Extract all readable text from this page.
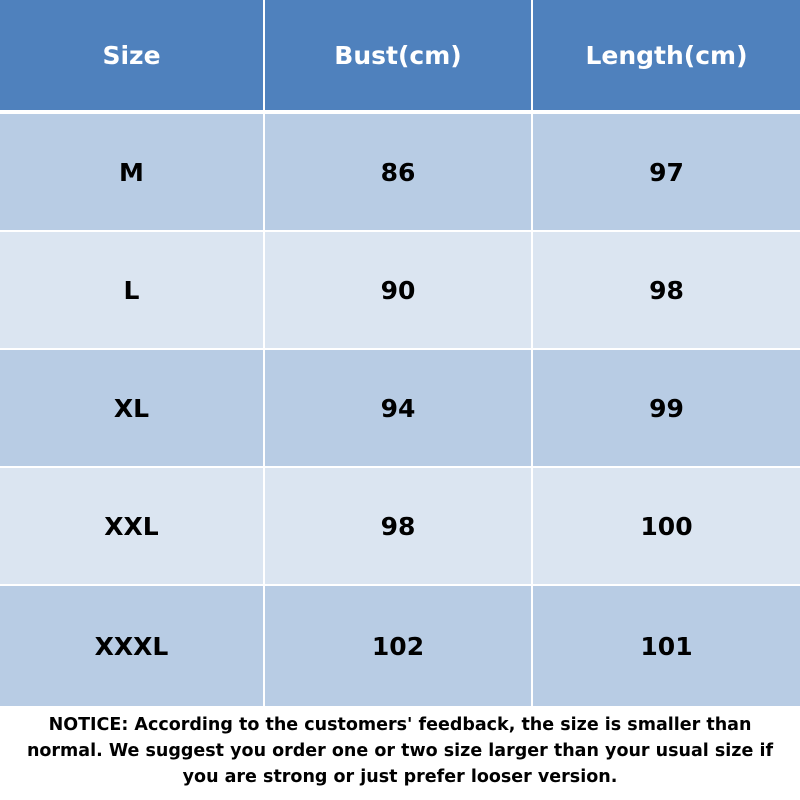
Size	Bust(cm)	Length(cm)
M	86	97
L	90	98
XL	94	99
XXL	98	100
XXXL	102	101
NOTICE: According to the customers' feedback, the size is smaller than normal. We suggest you order one or two size larger than your usual size if you are strong or just prefer looser version.
